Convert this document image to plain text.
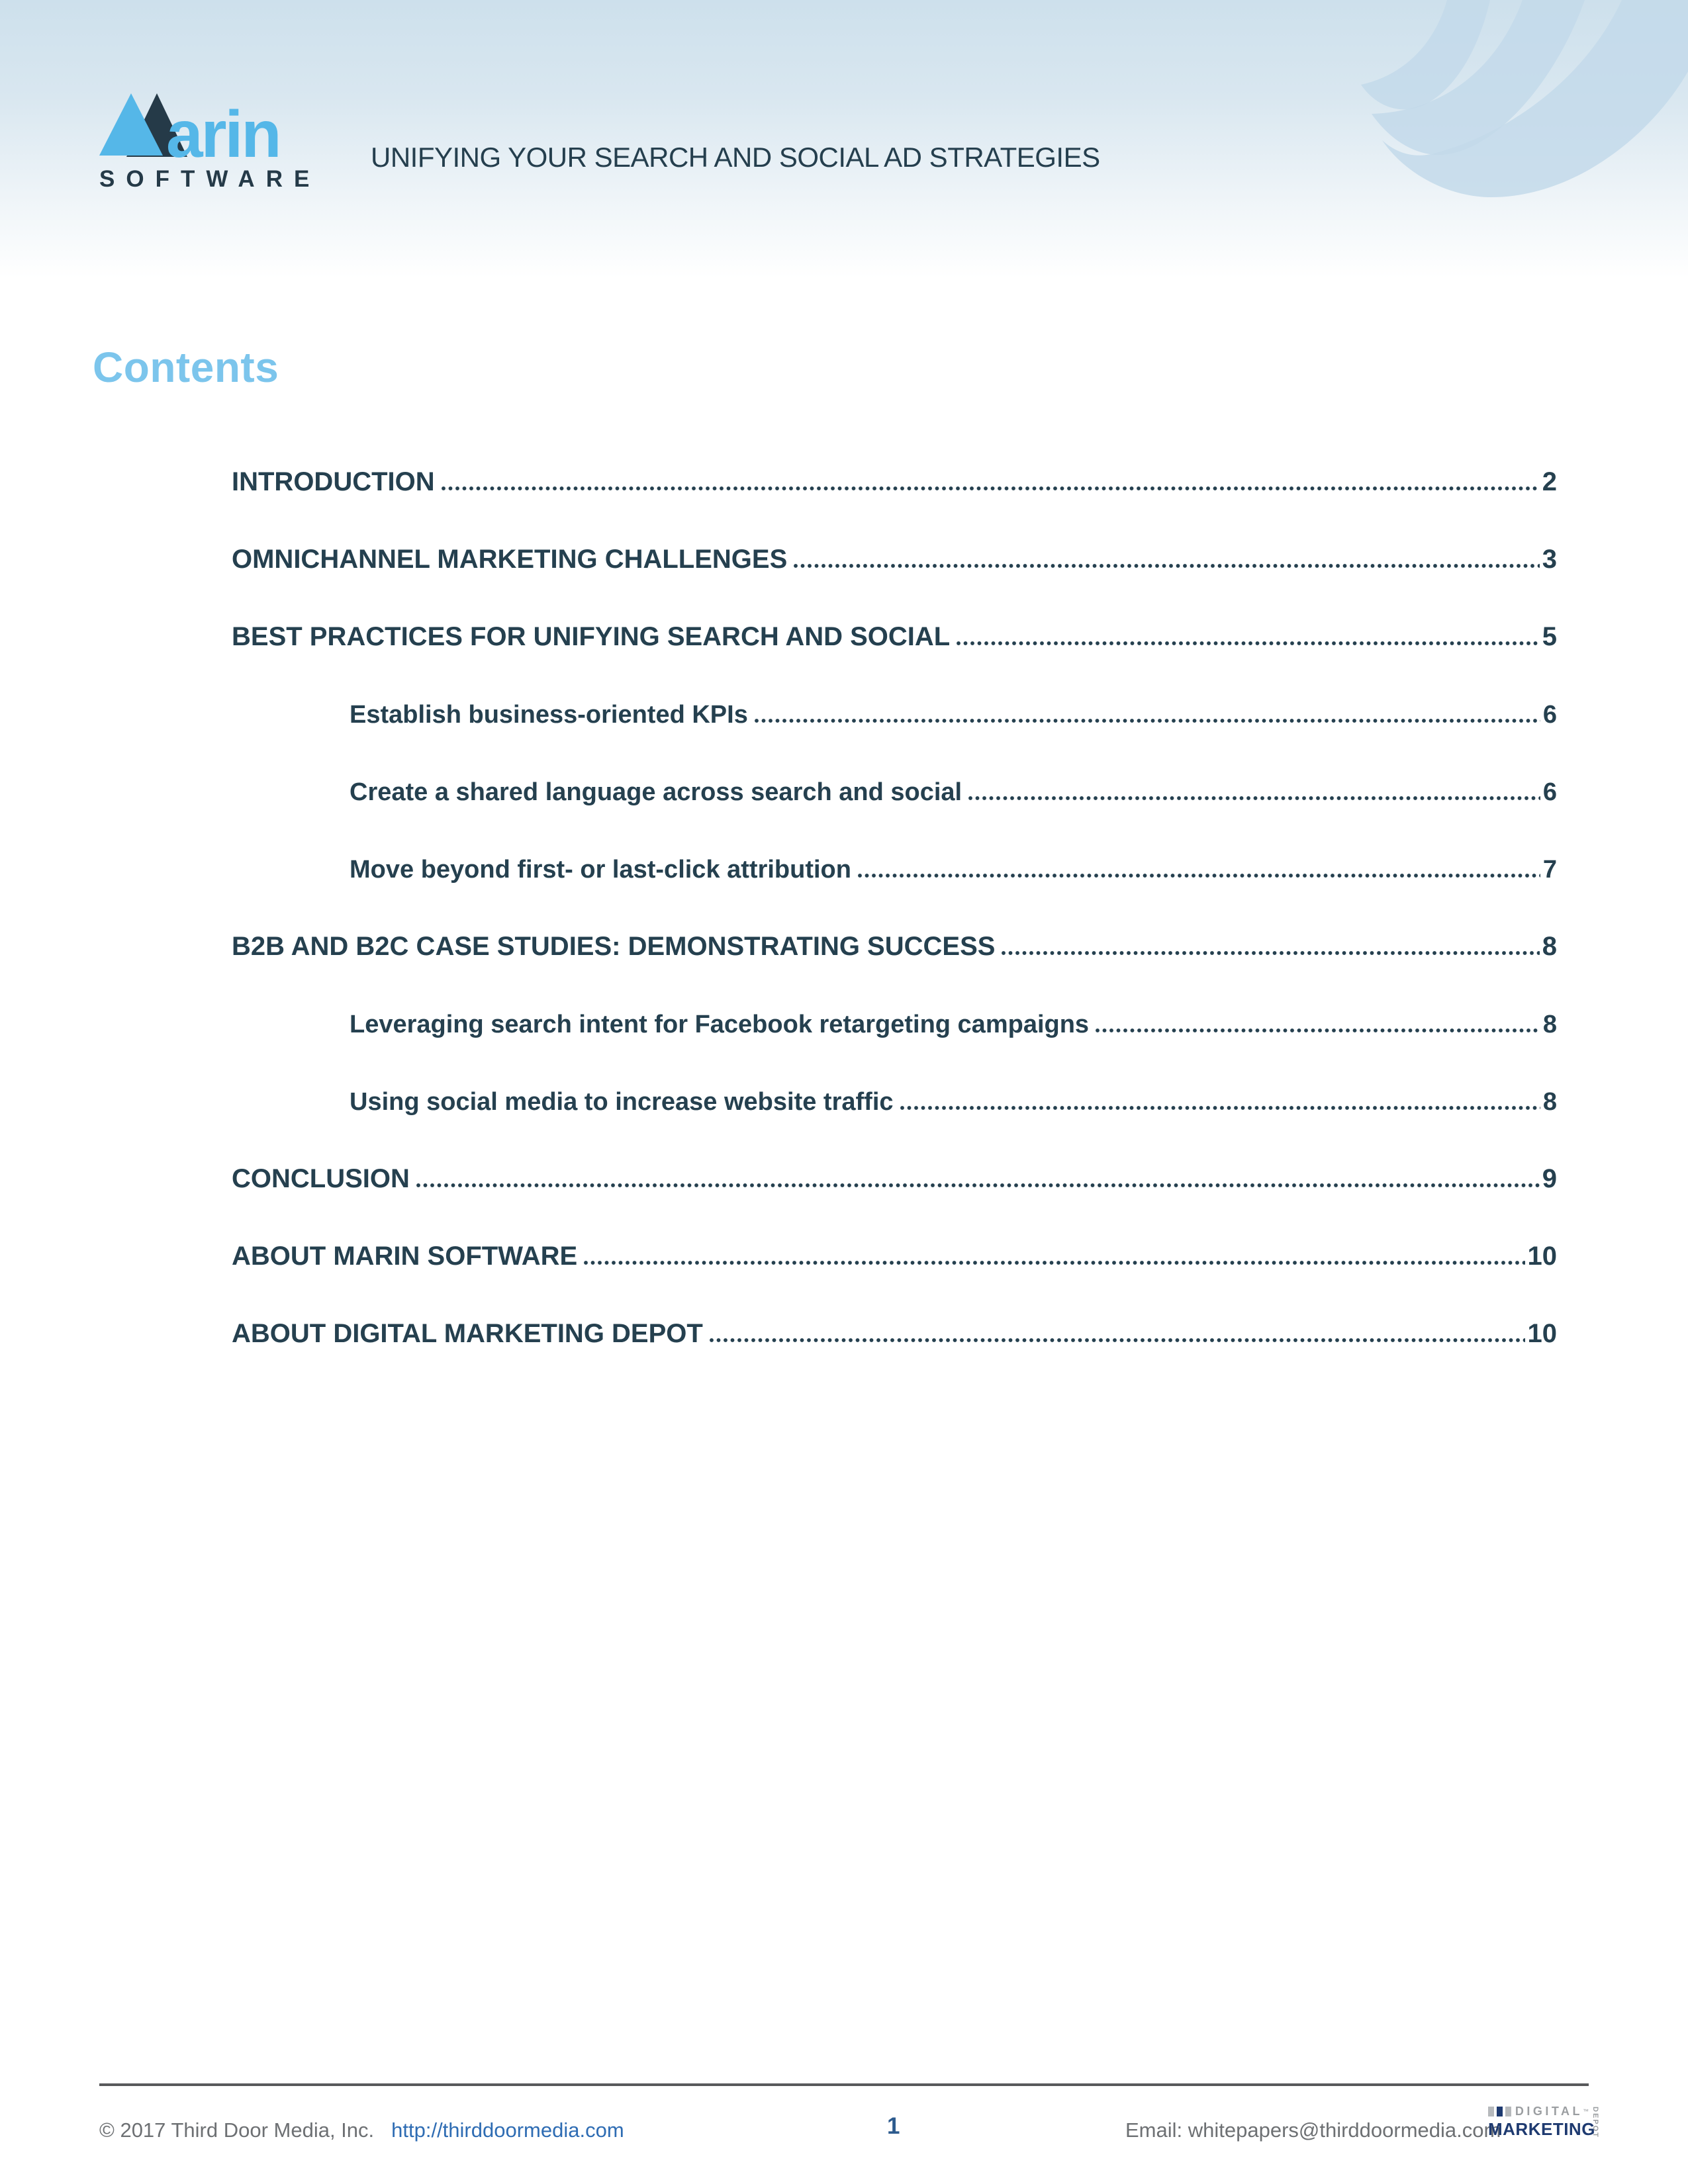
arin
SOFTWARE
UNIFYING YOUR SEARCH AND SOCIAL AD STRATEGIES
Contents
INTRODUCTION	2
OMNICHANNEL MARKETING CHALLENGES	3
BEST PRACTICES FOR UNIFYING SEARCH AND SOCIAL	5
Establish business-oriented KPIs	6
Create a shared language across search and social	6
Move beyond first- or last-click attribution	7
B2B AND B2C CASE STUDIES: DEMONSTRATING SUCCESS	8
Leveraging search intent for Facebook retargeting campaigns	8
Using social media to increase website traffic	8
CONCLUSION	9
ABOUT MARIN SOFTWARE	10
ABOUT DIGITAL MARKETING DEPOT	10
© 2017 Third Door Media, Inc. http://thirddoormedia.com	1	Email: whitepapers@thirddoormedia.com
DIGITAL ™
MARKETING
DEPOT
